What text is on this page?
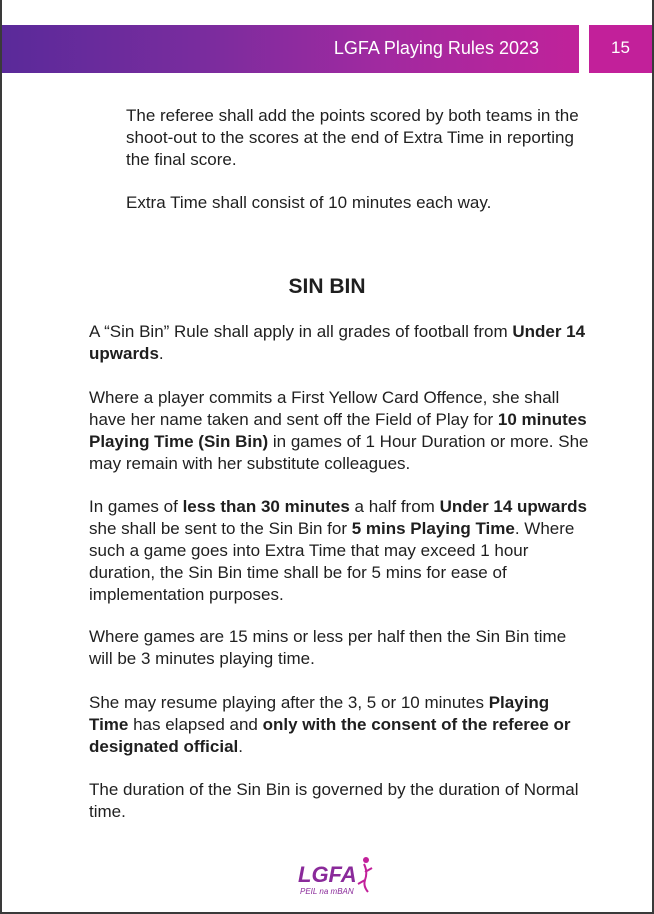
LGFA Playing Rules 2023	15
The referee shall add the points scored by both teams in the shoot-out to the scores at the end of Extra Time in reporting the final score.
Extra Time shall consist of 10 minutes each way.
SIN BIN
A “Sin Bin” Rule shall apply in all grades of football from Under 14 upwards.
Where a player commits a First Yellow Card Offence, she shall have her name taken and sent off the Field of Play for 10 minutes Playing Time (Sin Bin) in games of 1 Hour Duration or more. She may remain with her substitute colleagues.
In games of less than 30 minutes a half from Under 14 upwards she shall be sent to the Sin Bin for 5 mins Playing Time. Where such a game goes into Extra Time that may exceed 1 hour duration, the Sin Bin time shall be for 5 mins for ease of implementation purposes.
Where games are 15 mins or less per half then the Sin Bin time will be 3 minutes playing time.
She may resume playing after the 3, 5 or 10 minutes Playing Time has elapsed and only with the consent of the referee or designated official.
The duration of the Sin Bin is governed by the duration of Normal time.
LGFA
PEIL na mBAN
